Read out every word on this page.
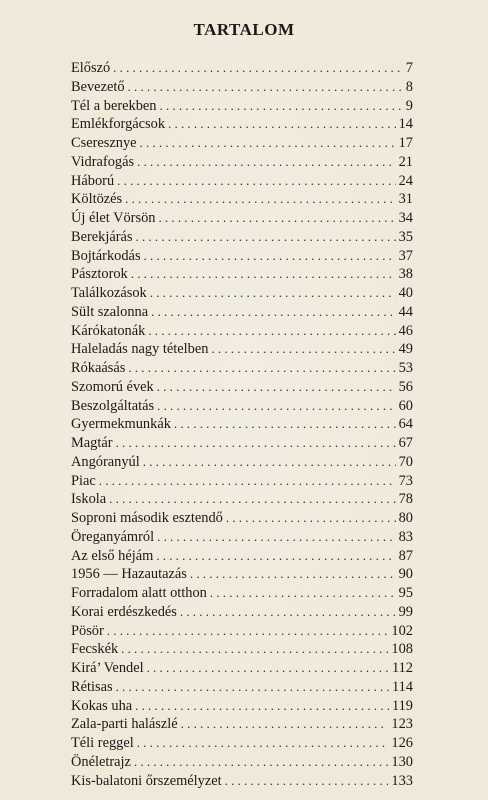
TARTALOM
Előszó .....	7
Bevezető .....	8
Tél a berekben .....	9
Emlékforgácsok .....	14
Cseresznye .....	17
Vidrafogás .....	21
Háború .....	24
Költözés .....	31
Új élet Vörsön .....	34
Berekjárás .....	35
Bojtárkodás .....	37
Pásztorok .....	38
Találkozások .....	40
Sült szalonna .....	44
Kárókatonák .....	46
Haleladás nagy tételben .....	49
Rókaásás .....	53
Szomorú évek .....	56
Beszolgáltatás .....	60
Gyermekmunkák .....	64
Magtár .....	67
Angóranyúl .....	70
Piac .....	73
Iskola .....	78
Soproni második esztendő .....	80
Öreganyámról .....	83
Az első héjám .....	87
1956 — Hazautazás .....	90
Forradalom alatt otthon .....	95
Korai erdészkedés .....	99
Pösör .....	102
Fecskék .....	108
Kirá’ Vendel .....	112
Rétisas .....	114
Kokas uha .....	119
Zala-parti halászlé .....	123
Téli reggel .....	126
Önéletrajz .....	130
Kis-balatoni őrszemélyzet .....	133
